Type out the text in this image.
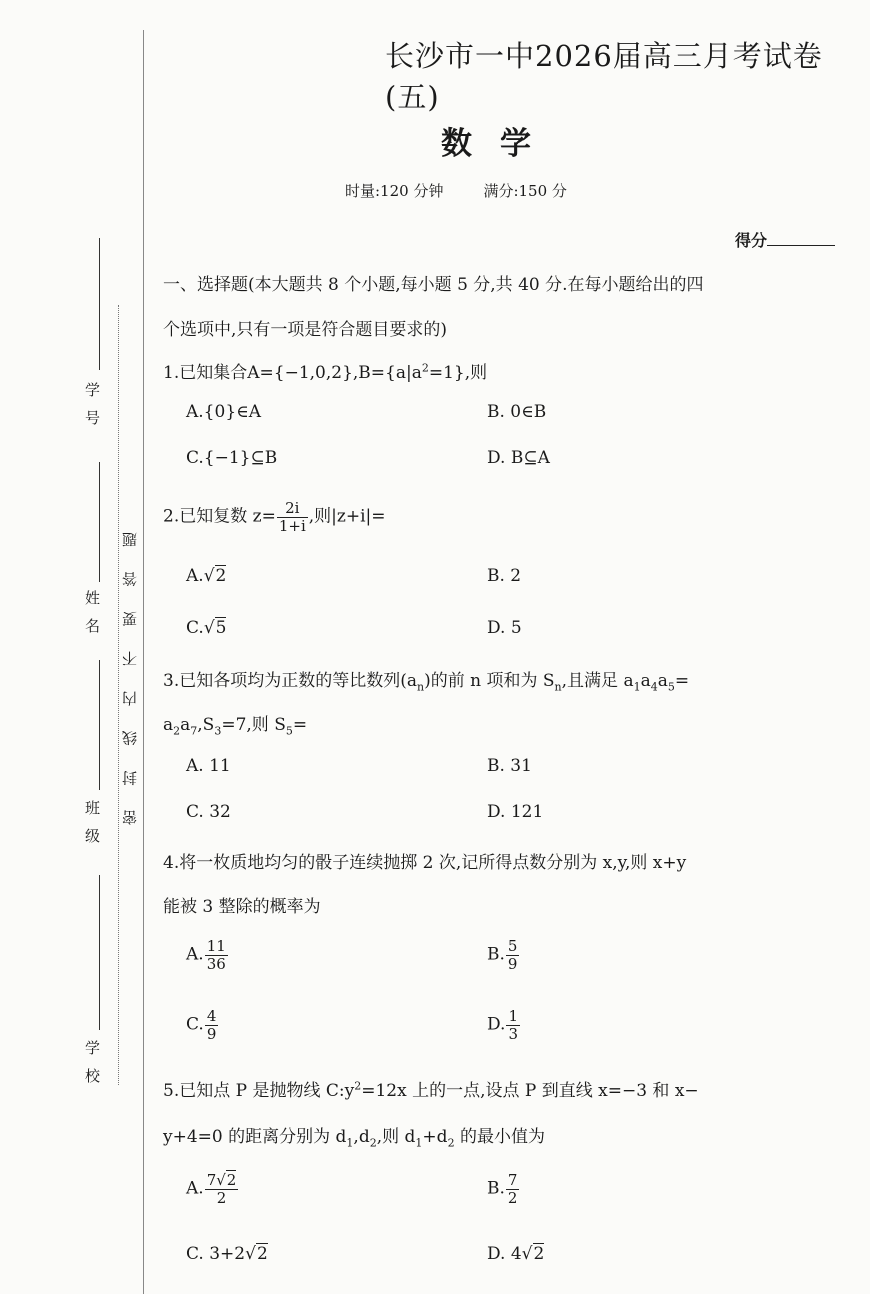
学 号
姓 名
班 级
学 校
密 封 线 内 不 要 答 题
长沙市一中2026届高三月考试卷(五)
数学
时量:120 分钟	满分:150 分
得分
一、选择题(本大题共 8 个小题,每小题 5 分,共 40 分.在每小题给出的四
个选项中,只有一项是符合题目要求的)
1.已知集合$A=\{-1,0,2\},B=\{a|a^2=1\}$,则
A.{0}∈A	B. 0∈B
C.{−1}⊆B	D. B⊆A
2.已知复数 $z= \frac{2i}{1+i}$ ,则|z+i|=
A.√2	B. 2
C.√5	D. 5
3.已知各项均为正数的等比数列$(a_n)$的前 n 项和为 $S_n$,且满足 $a_1a_4a_5=$
$a_2a_7,S_3=7$,则 $S_5=$
A. 11	B. 31
C. 32	D. 121
4.将一枚质地均匀的骰子连续抛掷 2 次,记所得点数分别为 x,y,则 x+y
能被 3 整除的概率为
A. $\frac{11}{36}$	B. $\frac{5}{9}$
C. $\frac{4}{9}$	D. $\frac{1}{3}$
5.已知点 P 是抛物线 $C:y^2=12x$ 上的一点,设点 P 到直线 x=−3 和 x−
y+4=0 的距离分别为 $d_1,d_2$,则 $d_1+d_2$ 的最小值为
A. $\frac{7√2}{2}$	B. $\frac{7}{2}$
C. 3+2√2	D. 4√2
